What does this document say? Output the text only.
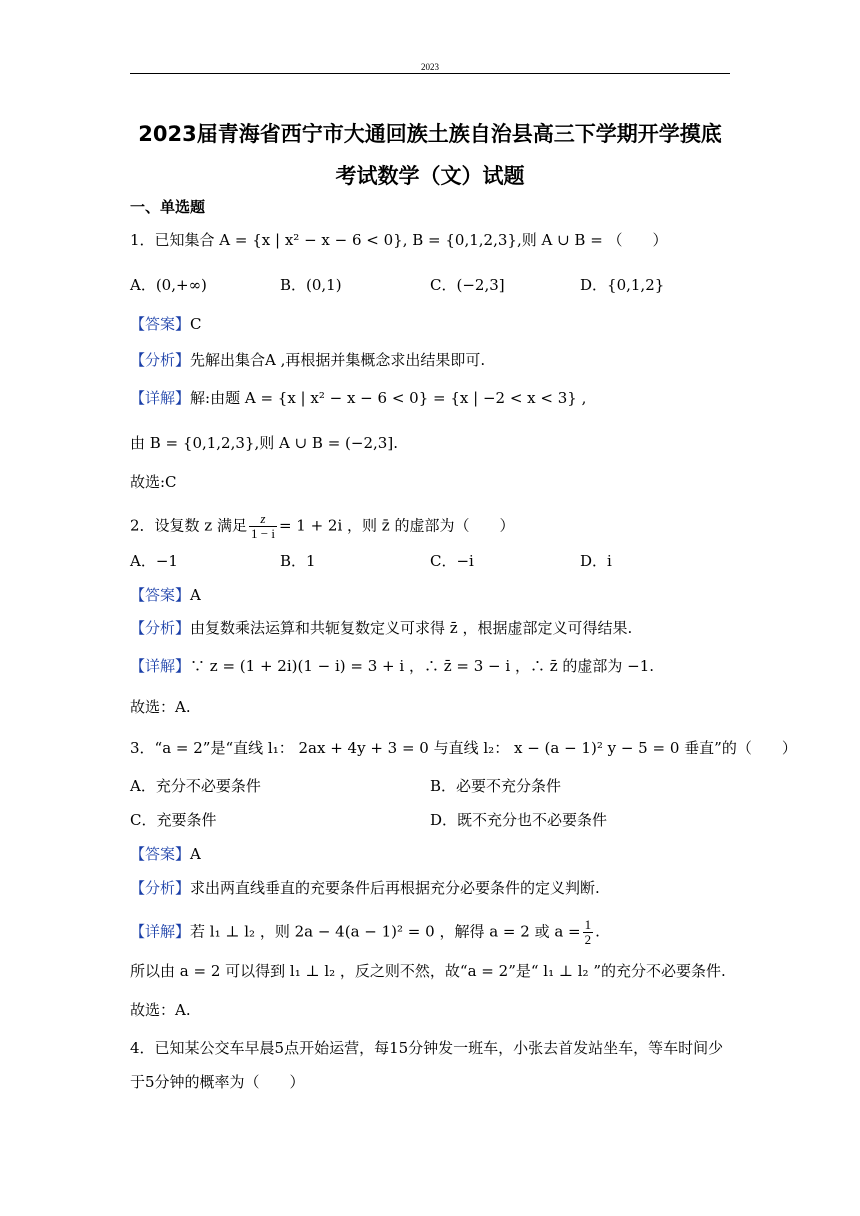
2023
2023届青海省西宁市大通回族土族自治县高三下学期开学摸底
考试数学（文）试题
一、单选题
1．已知集合 A = {x | x² − x − 6 < 0}, B = {0,1,2,3},则 A ∪ B = （　　）
A．(0,+∞)	B．(0,1)	C．(−2,3]	D．{0,1,2}
【答案】C
【分析】先解出集合A ,再根据并集概念求出结果即可.
【详解】解:由题 A = {x | x² − x − 6 < 0} = {x | −2 < x < 3} ,
由 B = {0,1,2,3},则 A ∪ B = (−2,3].
故选:C
2．设复数 z 满足 $\frac{z}{1 - i} = 1 + 2i$ ，则 z̄ 的虚部为（　　）
A．−1	B．1	C．−i	D．i
【答案】A
【分析】由复数乘法运算和共轭复数定义可求得 z̄ ，根据虚部定义可得结果.
【详解】∵ z = (1 + 2i)(1 − i) = 3 + i ，∴ z̄ = 3 − i ，∴ z̄ 的虚部为 −1.
故选：A.
3．“a = 2”是“直线 l₁： 2ax + 4y + 3 = 0 与直线 l₂： x − (a − 1)² y − 5 = 0 垂直”的（　　）
A．充分不必要条件	B．必要不充分条件
C．充要条件	D．既不充分也不必要条件
【答案】A
【分析】求出两直线垂直的充要条件后再根据充分必要条件的定义判断.
【详解】若 l₁ ⊥ l₂ ，则 2a − 4(a − 1)² = 0 ，解得 a = 2 或 $a = \frac{1}{2}$ .
所以由 a = 2 可以得到 l₁ ⊥ l₂ ，反之则不然，故“a = 2”是“ l₁ ⊥ l₂ ”的充分不必要条件.
故选：A.
4．已知某公交车早晨5点开始运营，每15分钟发一班车，小张去首发站坐车，等车时间少
于5分钟的概率为（　　）
